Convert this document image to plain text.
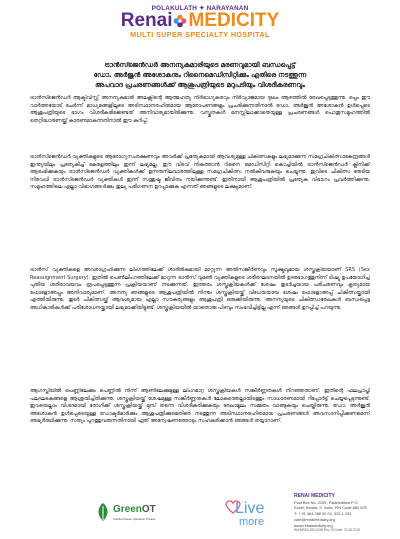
POLAKULATH ✦ NARAYANAN
Renai MEDICITY
MULTI SUPER SPECIALTY HOSPITAL
ട്രാൻസ്ജെൻഡർ അനന്യകുമാരിയുടെ മരണവുമായി ബന്ധപ്പെട്ട്
ഡോ. അർജുൻ അശോകനും റിനൈമെഡിസിറ്റിക്കും എതിരെ നടത്തുന്ന
അപവാദ പ്രചരണങ്ങൾക്ക് ആശുപത്രിയുടെ മറുപടിയും വിശദീകരണവും

ട്രാൻസ്ജെൻഡർ ആക്ടിവിസ്റ്റ് അനന്യകുമാരി അലക്സിന്റെ ആത്മഹത്യ നിർഭാഗ്യകരവും നിർവ്യാജമായ ദുഃഖം ആഴത്തിൽ രേഖപ്പെടുത്തുന്നു. ഒപ്പം ഈ വാർത്തയോട് ചേർന്ന് മാധ്യമങ്ങളിലൂടെ അടിസ്ഥാനരഹിതമായ ആരോപണങ്ങളും പ്രചരിക്കുന്നതിനാൽ ഡോ. അർജുൻ അശോകൻ ഉൾപ്പെടെ ആശുപത്രിയുടെ ഭാഗം വിശദീകരിക്കേണ്ടത് അനിവാര്യമായിരിക്കുന്നു. വസ്തുതകൾ മനസ്സിലാക്കാതെയുള്ള പ്രചരണങ്ങൾ പൊതുസമൂഹത്തിൽ തെറ്റിദ്ധാരണയ്ക്ക് കാരണമാകുന്നതിനാൽ ഈ കുറിപ്പ്.

ട്രാൻസ്ജെൻഡർ വ്യക്തികളുടെ ആരോഗ്യസംരക്ഷണവും അവർക്ക് പ്രത്യേകമായി ആവശ്യമുള്ള ചികിത്സകളും ലഭ്യമാക്കുന്ന സമഗ്രചികിത്സാകേന്ദ്രങ്ങൾ ഇന്ത്യയിലും പ്രത്യേകിച്ച് കേരളത്തിലും ഇന്ന് ലഭ്യമല്ല. ഈ വിടവ് നികത്താൻ റിനൈ മെഡിസിറ്റി കൊച്ചിയിൽ ട്രാൻസ്ജെൻഡർ ക്ലിനിക്ക് ആരംഭിക്കുകയും ട്രാൻസ്ജെൻഡർ വ്യക്തികൾക്ക് ഉന്നതനിലവാരത്തിലുള്ള സമഗ്രചികിത്സ നൽകിവരുകയും ചെയ്യുന്നു. ഇവിടെ ചികിത്സ തേടിയ നിരവധി ട്രാൻസ്ജെൻഡർ വ്യക്തികൾ ഇന്ന് സന്തുഷ്ട ജീവിതം നയിക്കുന്നുണ്ട്. ഇതിനായി ആശുപത്രിയിൽ പ്രത്യേക വിഭാഗം പ്രവർത്തിക്കുന്നു. സമൂഹത്തിലെ എല്ലാ വിഭാഗങ്ങൾക്കും തുല്യ പരിഗണന ഉറപ്പാക്കുക എന്നത് ഞങ്ങളുടെ ലക്ഷ്യമാണ്.

ട്രാൻസ് വ്യക്തികളെ അവരാഗ്രഹിക്കുന്ന ലിംഗത്തിലേക്ക് ശാരീരികമായി മാറ്റുന്ന അതിസങ്കീർണവും സൂക്ഷ്മവുമായ ശസ്ത്രക്രിയയാണ് SRS (Sex Reassignment Surgery). ഇതിൽ പെൺലിംഗത്തിലേക്ക് മാറുന്ന ട്രാൻസ് വുമൺ വ്യക്തികളുടെ ശരീരഘടനയിൽ ഉദരഭാഗത്തുനിന്ന് ടിഷ്യു ഉപയോഗിച്ച് പുതിയ ശരീരാവയവം രൂപപ്പെടുത്തുന്ന പ്രക്രിയയാണ് നടക്കുന്നത്. ഇത്തരം ശസ്ത്രക്രിയകൾക്ക് ശേഷം തുടർച്ചയായ പരിചരണവും കൃത്യമായ ഫോളോഅപ്പും അനിവാര്യമാണ്. അനന്യ ഞങ്ങളുടെ ആശുപത്രിയിൽ നിന്നും ശസ്ത്രക്രിയയ്ക്ക് വിധേയയായ ശേഷം ഫോളോഅപ്പ് ചികിത്സയ്ക്കായി എത്തിയിരുന്നു. തുടർ ചികിത്സയ്ക്ക് ആവശ്യമായ എല്ലാ സൗകര്യങ്ങളും ആശുപത്രി ഒരുക്കിയിരുന്നു. അനന്യയുടെ ചികിത്സാരേഖകൾ ബന്ധപ്പെട്ട അധികാരികൾക്ക് പരിശോധനയ്ക്കായി ലഭ്യമാക്കിയിട്ടുണ്ട്. ശസ്ത്രക്രിയയിൽ യാതൊരു പിഴവും സംഭവിച്ചിട്ടില്ല എന്ന് ഞങ്ങൾ ഉറപ്പിച്ച് പറയുന്നു.

ആഗസ്തിയിൽ പെണ്ണിലേക്കും പെണ്ണിൽ നിന്ന് ആണിലേക്കുമുള്ള ലിംഗമാറ്റ ശസ്ത്രക്രിയകൾ സങ്കീർണ്ണതകൾ നിറഞ്ഞതാണ്. ഇതിന്റെ ഫലപ്രാപ്തി പലഘടകങ്ങളെ ആശ്രയിച്ചിരിക്കുന്നു. ശസ്ത്രക്രിയയ്ക്ക് ശേഷമുള്ള സങ്കീർണ്ണതകൾ ലോകത്തെല്ലായിടത്തും സാധാരണമായി റിപ്പോർട്ട് ചെയ്യപ്പെടുന്നുണ്ട്. ഇവയെല്ലാം വിശദമായി രോഗിക്ക് ശസ്ത്രക്രിയയ്ക്ക് മുമ്പ് തന്നെ വിശദീകരിക്കുകയും രേഖാമൂലം സമ്മതം വാങ്ങുകയും ചെയ്തിരുന്നു. ഡോ. അർജുൻ അശോകൻ ഉൾപ്പെടെയുള്ള ഡോക്ടർമാർക്കും ആശുപത്രിക്കുമെതിരെ നടത്തുന്ന അടിസ്ഥാനരഹിതമായ പ്രചരണങ്ങൾ അവസാനിപ്പിക്കണമെന്ന് അഭ്യർത്ഥിക്കുന്നു. സത്യം പുറത്തുവരുന്നതിനായി ഏത് അന്വേഷണത്തോടും സഹകരിക്കാൻ ഞങ്ങൾ തയ്യാറാണ്.

GreenOT
Certified Green Operation Theatre
Live
more
RENAI MEDICITY
Post Box No. 2259, Palarivattom P.O,
Kochi, Kerala, S. India, PIN Code 682 025
T: + 91 484 288 00 00, 333 1 333
care@renaimedicity.org
www.renaimedicity.org
RM/MRD/LHD/11/98 Rev. 02 Date: 22.06.2019
